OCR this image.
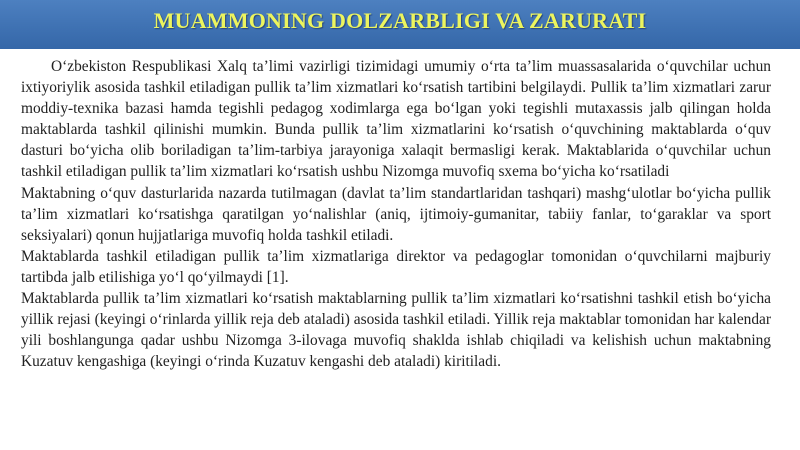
MUAMMONING DOLZARBLIGI VA ZARURATI

O‘zbekiston Respublikasi Xalq ta’limi vazirligi tizimidagi umumiy o‘rta ta’lim muassasalarida o‘quvchilar uchun ixtiyoriylik asosida tashkil etiladigan pullik ta’lim xizmatlari ko‘rsatish tartibini belgilaydi. Pullik ta’lim xizmatlari zarur moddiy-texnika bazasi hamda tegishli pedagog xodimlarga ega bo‘lgan yoki tegishli mutaxassis jalb qilingan holda maktablarda tashkil qilinishi mumkin. Bunda pullik ta’lim xizmatlarini ko‘rsatish o‘quvchining maktablarda o‘quv dasturi bo‘yicha olib boriladigan ta’lim-tarbiya jarayoniga xalaqit bermasligi kerak. Maktablarida o‘quvchilar uchun tashkil etiladigan pullik ta’lim xizmatlari ko‘rsatish ushbu Nizomga muvofiq sxema bo‘yicha ko‘rsatiladi

Maktabning o‘quv dasturlarida nazarda tutilmagan (davlat ta’lim standartlaridan tashqari) mashg‘ulotlar bo‘yicha pullik ta’lim xizmatlari ko‘rsatishga qaratilgan yo‘nalishlar (aniq, ijtimoiy-gumanitar, tabiiy fanlar, to‘garaklar va sport seksiyalari) qonun hujjatlariga muvofiq holda tashkil etiladi.

Maktablarda tashkil etiladigan pullik ta’lim xizmatlariga direktor va pedagoglar tomonidan o‘quvchilarni majburiy tartibda jalb etilishiga yo‘l qo‘yilmaydi [1].

Maktablarda pullik ta’lim xizmatlari ko‘rsatish maktablarning pullik ta’lim xizmatlari ko‘rsatishni tashkil etish bo‘yicha yillik rejasi (keyingi o‘rinlarda yillik reja deb ataladi) asosida tashkil etiladi. Yillik reja maktablar tomonidan har kalendar yili boshlangunga qadar ushbu Nizomga 3-ilovaga muvofiq shaklda ishlab chiqiladi va kelishish uchun maktabning Kuzatuv kengashiga (keyingi o‘rinda Kuzatuv kengashi deb ataladi) kiritiladi.
